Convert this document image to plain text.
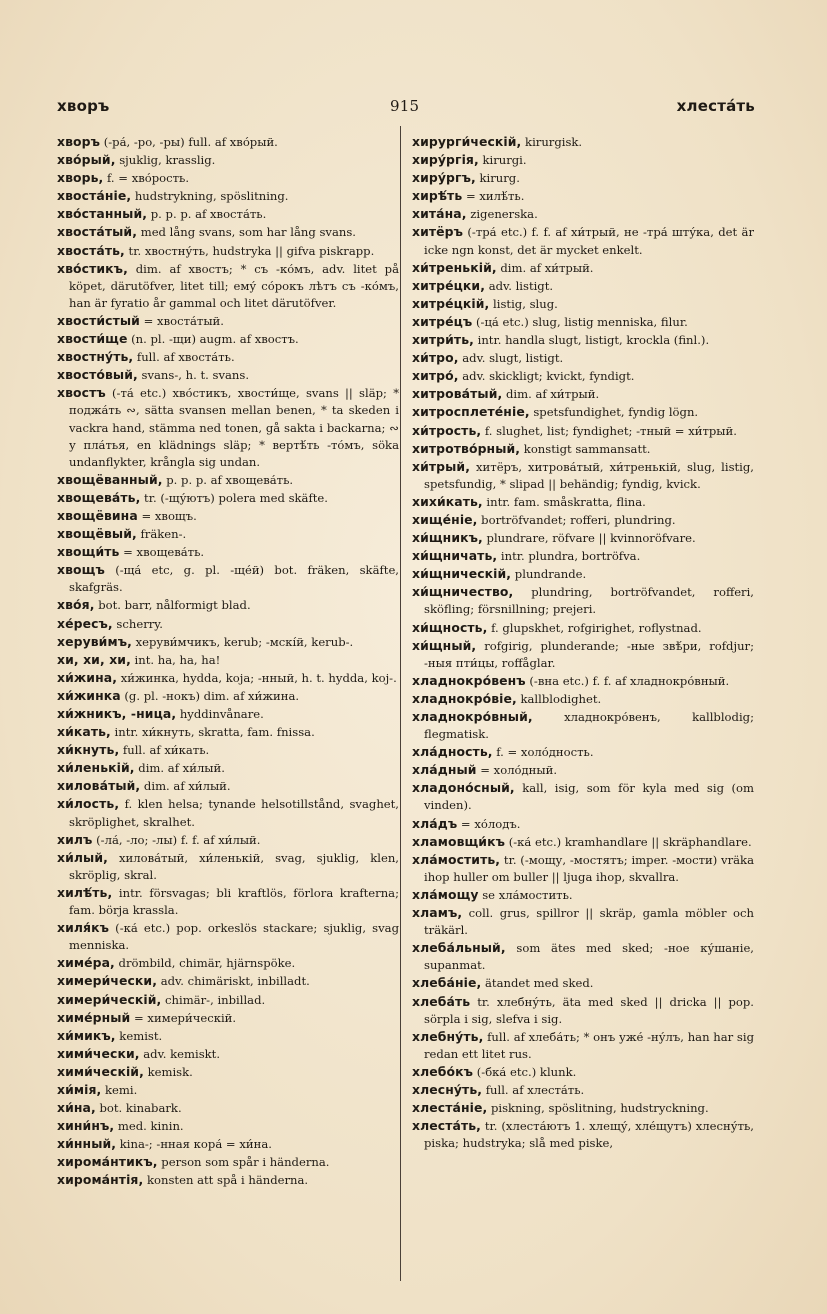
хворъ	915	хлеста́ть

хворъ (-ра́, -ро, -ры) full. af хво́рый.

хво́рый, sjuklig, krasslig.

хворь, f. = хво́рость.

хвоста́ніе, hudstrykning, spöslitning.

хво́станный, p. p. p. af хвоста́ть.

хвоста́тый, med lång svans, som har lång svans.

хвоста́ть, tr. хвостну́ть, hudstryka || gifva piskrapp.

хво́стикъ, dim. af хвостъ; * съ -ко́мъ, adv. litet på köpet, därutöfver, litet till; ему́ со́рокъ лѣтъ съ -ко́мъ, han är fyratio år gammal och litet därutöfver.

хвости́стый = хвоста́тый.

хвости́ще (n. pl. -щи) augm. af хвостъ.

хвостну́ть, full. af хвоста́ть.

хвосто́вый, svans-, h. t. svans.

хвостъ (-та́ etc.) хво́стикъ, хвости́ще, svans || släp; * поджа́ть ∾, sätta svansen mellan benen, * ta skeden i vackra hand, stämma ned tonen, gå sakta i backarna; ∾ у пла́тья, en klädnings släp; * вертѣ́ть -то́мъ, söka undanflykter, krångla sig undan.

хвощёванный, p. p. p. af хвощева́ть.

хвощева́ть, tr. (-щу́ютъ) polera med skäfte.

хвощёвина = хвощъ.

хвощёвый, fräken-.

хвощи́ть = хвощева́ть.

хвощъ (-ща́ etc, g. pl. -ще́й) bot. fräken, skäfte, skafgräs.

хво́я, bot. barr, nålformigt blad.

хе́ресъ, scherry.

херуви́мъ, херуви́мчикъ, kerub; -мскі́й, kerub-.

хи, хи, хи, int. ha, ha, ha!

хи́жина, хи́жинка, hydda, koja; -нный, h. t. hydda, koj-.

хи́жинка (g. pl. -нокъ) dim. af хи́жина.

хи́жникъ, -ница, hyddinvånare.

хи́кать, intr. хи́кнуть, skratta, fam. fnissa.

хи́кнуть, full. af хи́кать.

хи́ленькій, dim. af хи́лый.

хилова́тый, dim. af хи́лый.

хи́лость, f. klen helsa; tynande helsotillstånd, svaghet, skröplighet, skralhet.

хилъ (-ла́, -ло; -лы) f. f. af хи́лый.

хи́лый, хилова́тый, хи́ленькій, svag, sjuklig, klen, skröplig, skral.

хилѣ́ть, intr. försvagas; bli kraftlös, förlora krafterna; fam. börja krassla.

хиля́къ (-ка́ etc.) pop. orkeslös stackare; sjuklig, svag menniska.

химе́ра, drömbild, chimär, hjärnspöke.

химери́чески, adv. chimäriskt, inbilladt.

химери́ческій, chimär-, inbillad.

химе́рный = химери́ческій.

хи́микъ, kemist.

хими́чески, adv. kemiskt.

хими́ческій, kemisk.

хи́мія, kemi.

хи́на, bot. kinabark.

хини́нъ, med. kinin.

хи́нный, kina-; -нная кора́ = хи́на.

хирома́нтикъ, person som spår i händerna.

хирома́нтія, konsten att spå i händerna.

хирурги́ческій, kirurgisk.

хиру́ргія, kirurgi.

хиру́ргъ, kirurg.

хирѣ́ть = хилѣ́ть.

хита́на, zigenerska.

хитёръ (-тра́ etc.) f. f. af хи́трый, не -тра́ шту́ка, det är icke ngn konst, det är mycket enkelt.

хи́тренькій, dim. af хи́трый.

хитре́цки, adv. listigt.

хитре́цкій, listig, slug.

хитре́цъ (-ца́ etc.) slug, listig menniska, filur.

хитри́ть, intr. handla slugt, listigt, krockla (finl.).

хи́тро, adv. slugt, listigt.

хитро́, adv. skickligt; kvickt, fyndigt.

хитрова́тый, dim. af хи́трый.

хитросплете́ніе, spetsfundighet, fyndig lögn.

хи́трость, f. slughet, list; fyndighet; -тный = хи́трый.

хитротво́рный, konstigt sammansatt.

хи́трый, хитёръ, хитрова́тый, хи́тренькій, slug, listig, spetsfundig, * slipad || behändig; fyndig, kvick.

хихи́кать, intr. fam. småskratta, flina.

хище́ніе, bortröfvandet; rofferi, plundring.

хи́щникъ, plundrare, röfvare || kvinnoröfvare.

хи́щничать, intr. plundra, bortröfva.

хи́щническій, plundrande.

хи́щничество, plundring, bortröfvandet, rofferi, sköfling; försnillning; prejeri.

хи́щность, f. glupskhet, rofgirighet, roflystnad.

хи́щный, rofgirig, plunderande; -ные звѣ́ри, rofdjur; -ныя пти́цы, roffåglar.

хладнокро́венъ (-вна etc.) f. f. af хладнокро́вный.

хладнокро́віе, kallblodighet.

хладнокро́вный, хладнокро́венъ, kallblodig; flegmatisk.

хла́дность, f. = холо́дность.

хла́дный = холо́дный.

хладоно́сный, kall, isig, som för kyla med sig (om vinden).

хла́дъ = хо́лодъ.

хламовщи́къ (-ка́ etc.) kramhandlare || skräphandlare.

хла́мостить, tr. (-мощу, -мостятъ; imper. -мости) vräka ihop huller om buller || ljuga ihop, skvallra.

хла́мощу se хла́мостить.

хламъ, coll. grus, spillror || skräp, gamla möbler och träkärl.

хлеба́льный, som ätes med sked; -ное ку́шаніе, supanmat.

хлеба́ніе, ätandet med sked.

хлеба́ть tr. хлебну́ть, äta med sked || dricka || pop. sörpla i sig, slefva i sig.

хлебну́ть, full. af хлеба́ть; * онъ уже́ -ну́лъ, han har sig redan ett litet rus.

хлебо́къ (-бка́ etc.) klunk.

хлесну́ть, full. af хлеста́ть.

хлеста́ніе, piskning, spöslitning, hudstryckning.

хлеста́ть, tr. (хлеста́ютъ 1. хлещу́, хле́щутъ) хлесну́ть, piska; hudstryka; slå med piske,
